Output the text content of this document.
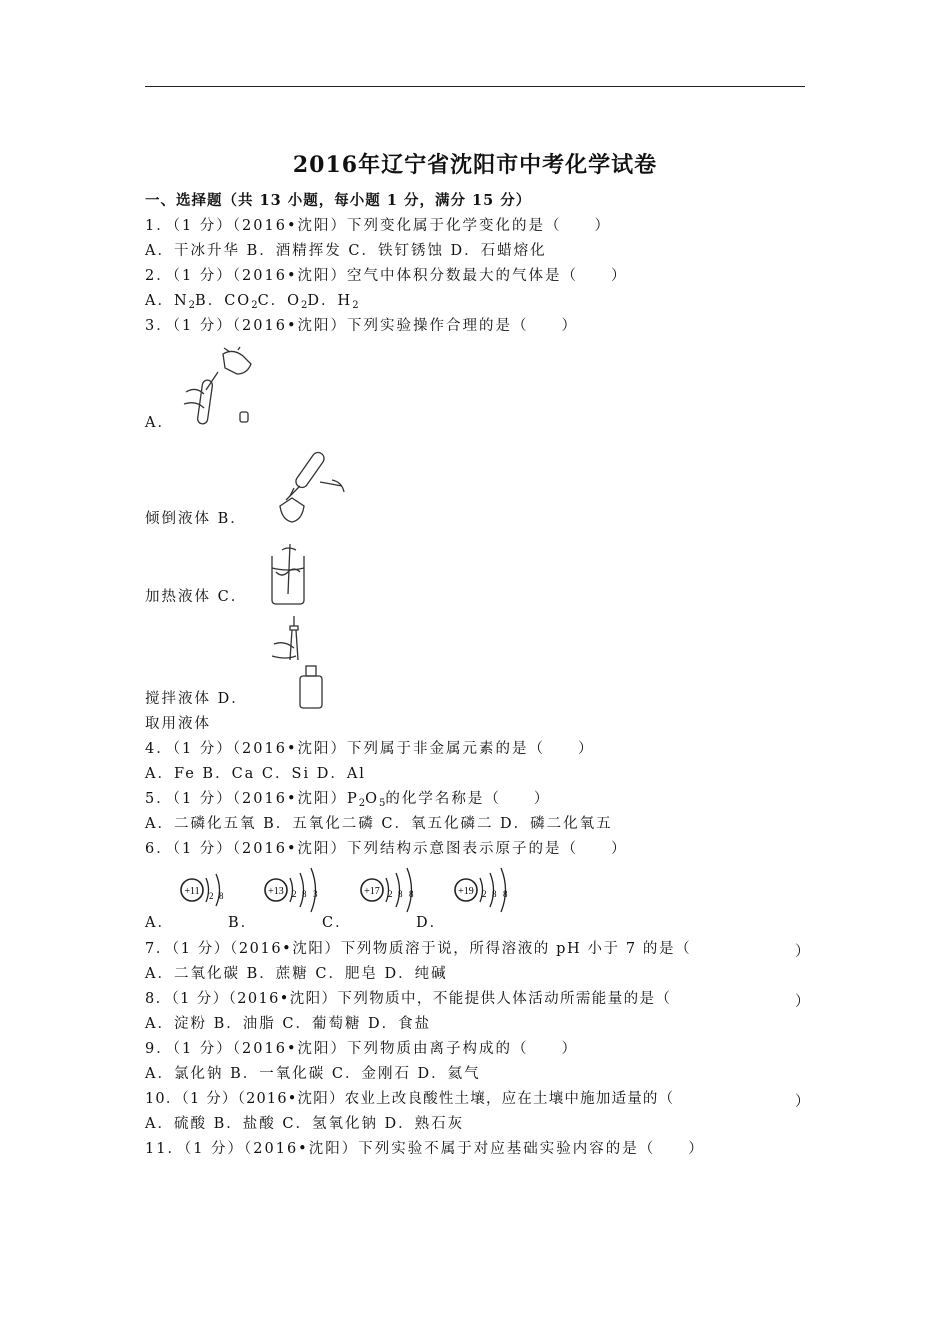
2016年辽宁省沈阳市中考化学试卷
一、选择题（共 13 小题，每小题 1 分，满分 15 分）
1．（1 分）（2016•沈阳）下列变化属于化学变化的是（　　）
A．干冰升华 B．酒精挥发 C．铁钉锈蚀 D．石蜡熔化
2．（1 分）（2016•沈阳）空气中体积分数最大的气体是（　　）
A．$N_2B$．$CO_2C$．$O_2D$．$H_2$
3．（1 分）（2016•沈阳）下列实验操作合理的是（　　）
A．
倾倒液体 B．
加热液体 C．
搅拌液体 D．
取用液体
4．（1 分）（2016•沈阳）下列属于非金属元素的是（　　）
A．Fe B．Ca C．Si D．Al
5．（1 分）（2016•沈阳）$P_2O_5$的化学名称是（　　）
A．二磷化五氧 B．五氧化二磷 C．氧五化磷二 D．磷二化氧五
6．（1 分）（2016•沈阳）下列结构示意图表示原子的是（　　）
+11 2 8
A．
+13 2 8 3
B．
+17 2 8 8
C．
+19 2 8 8
D．
7．（1 分）（2016•沈阳）下列物质溶于说，所得溶液的 pH 小于 7 的是（	）
A．二氧化碳 B．蔗糖 C．肥皂 D．纯碱
8．（1 分）（2016•沈阳）下列物质中，不能提供人体活动所需能量的是（	）
A．淀粉 B．油脂 C．葡萄糖 D．食盐
9．（1 分）（2016•沈阳）下列物质由离子构成的（　　）
A．氯化钠 B．一氧化碳 C．金刚石 D．氦气
10．（1 分）（2016•沈阳）农业上改良酸性土壤，应在土壤中施加适量的（	）
A．硫酸 B．盐酸 C．氢氧化钠 D．熟石灰
11．（1 分）（2016•沈阳）下列实验不属于对应基础实验内容的是（　　）
